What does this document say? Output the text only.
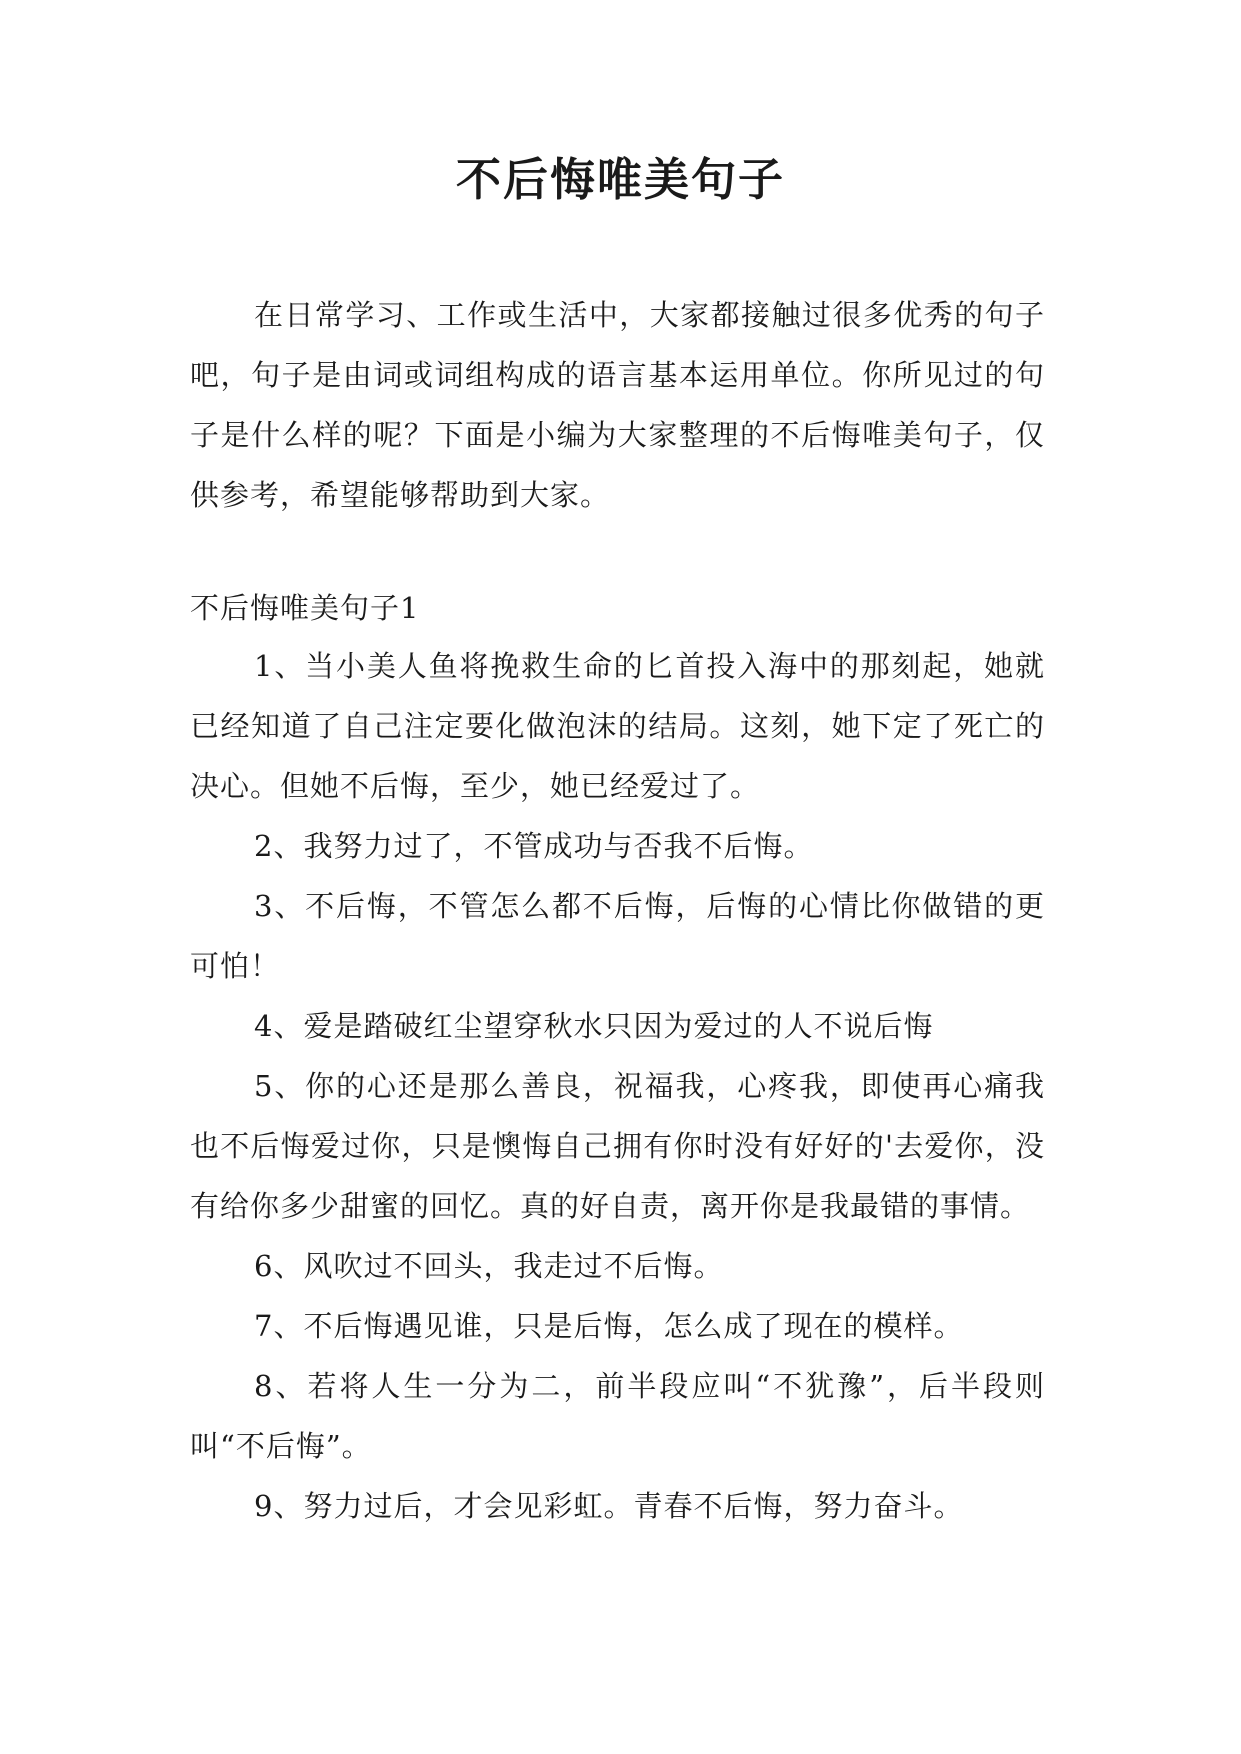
不后悔唯美句子

在日常学习、工作或生活中，大家都接触过很多优秀的句子吧，句子是由词或词组构成的语言基本运用单位。你所见过的句子是什么样的呢？下面是小编为大家整理的不后悔唯美句子，仅供参考，希望能够帮助到大家。

不后悔唯美句子1

1、当小美人鱼将挽救生命的匕首投入海中的那刻起，她就已经知道了自己注定要化做泡沫的结局。这刻，她下定了死亡的决心。但她不后悔，至少，她已经爱过了。

2、我努力过了，不管成功与否我不后悔。

3、不后悔，不管怎么都不后悔，后悔的心情比你做错的更可怕！

4、爱是踏破红尘望穿秋水只因为爱过的人不说后悔

5、你的心还是那么善良，祝福我，心疼我，即使再心痛我也不后悔爱过你，只是懊悔自己拥有你时没有好好的'去爱你，没有给你多少甜蜜的回忆。真的好自责，离开你是我最错的事情。

6、风吹过不回头，我走过不后悔。

7、不后悔遇见谁，只是后悔，怎么成了现在的模样。

8、若将人生一分为二，前半段应叫“不犹豫”，后半段则叫“不后悔”。

9、努力过后，才会见彩虹。青春不后悔，努力奋斗。
